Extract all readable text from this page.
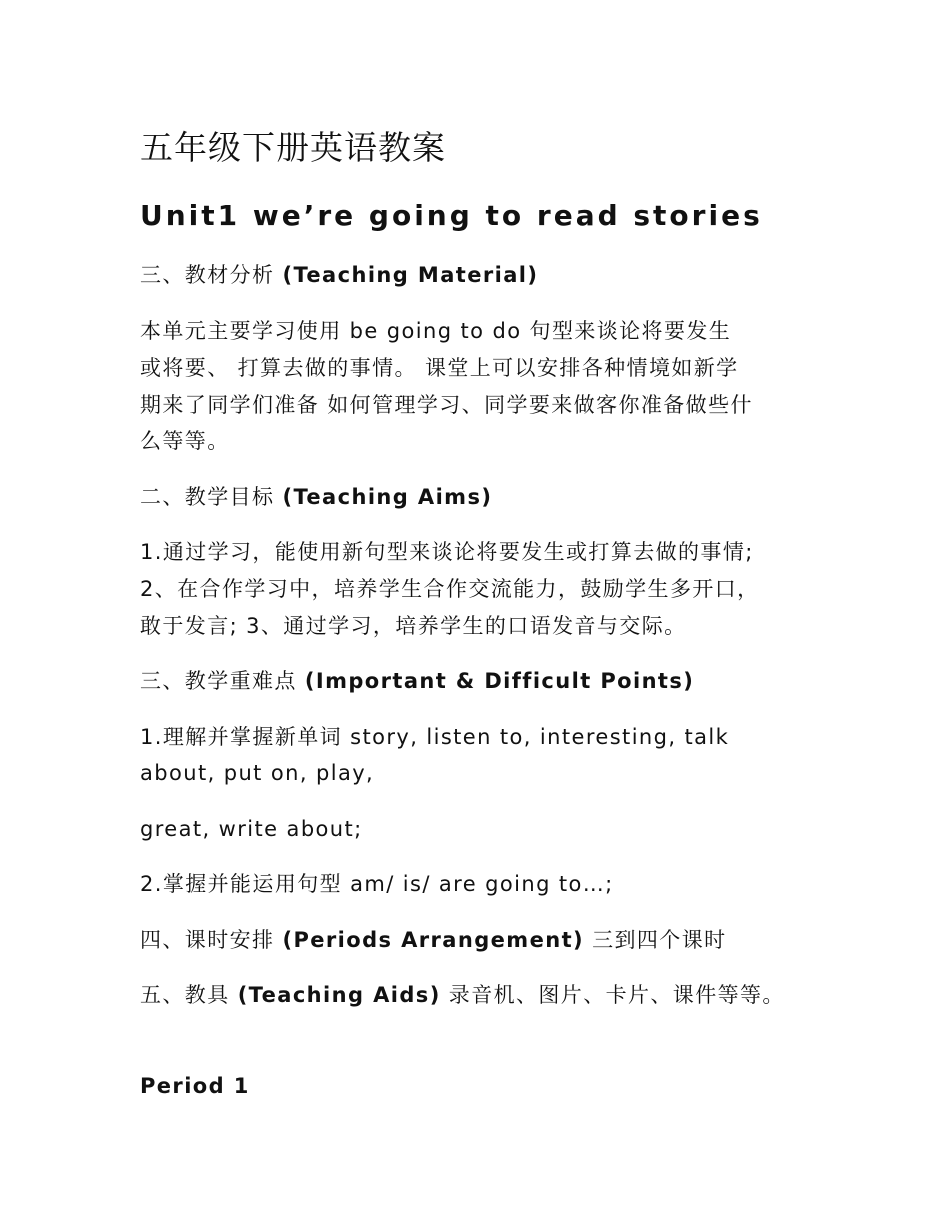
五年级下册英语教案
Unit1 we’re going to read stories
三、教材分析 (Teaching Material)
本单元主要学习使用 be going to do 句型来谈论将要发生
或将要、 打算去做的事情。 课堂上可以安排各种情境如新学
期来了同学们准备 如何管理学习、同学要来做客你准备做些什
么等等。
二、教学目标 (Teaching Aims)
1.通过学习，能使用新句型来谈论将要发生或打算去做的事情;
2、在合作学习中，培养学生合作交流能力，鼓励学生多开口，
敢于发言; 3、通过学习，培养学生的口语发音与交际。
三、教学重难点 (Important & Difficult Points)
1.理解并掌握新单词 story, listen to, interesting, talk
about, put on, play,
great, write about;
2.掌握并能运用句型 am/ is/ are going to…;
四、课时安排 (Periods Arrangement) 三到四个课时
五、教具 (Teaching Aids) 录音机、图片、卡片、课件等等。
Period 1
